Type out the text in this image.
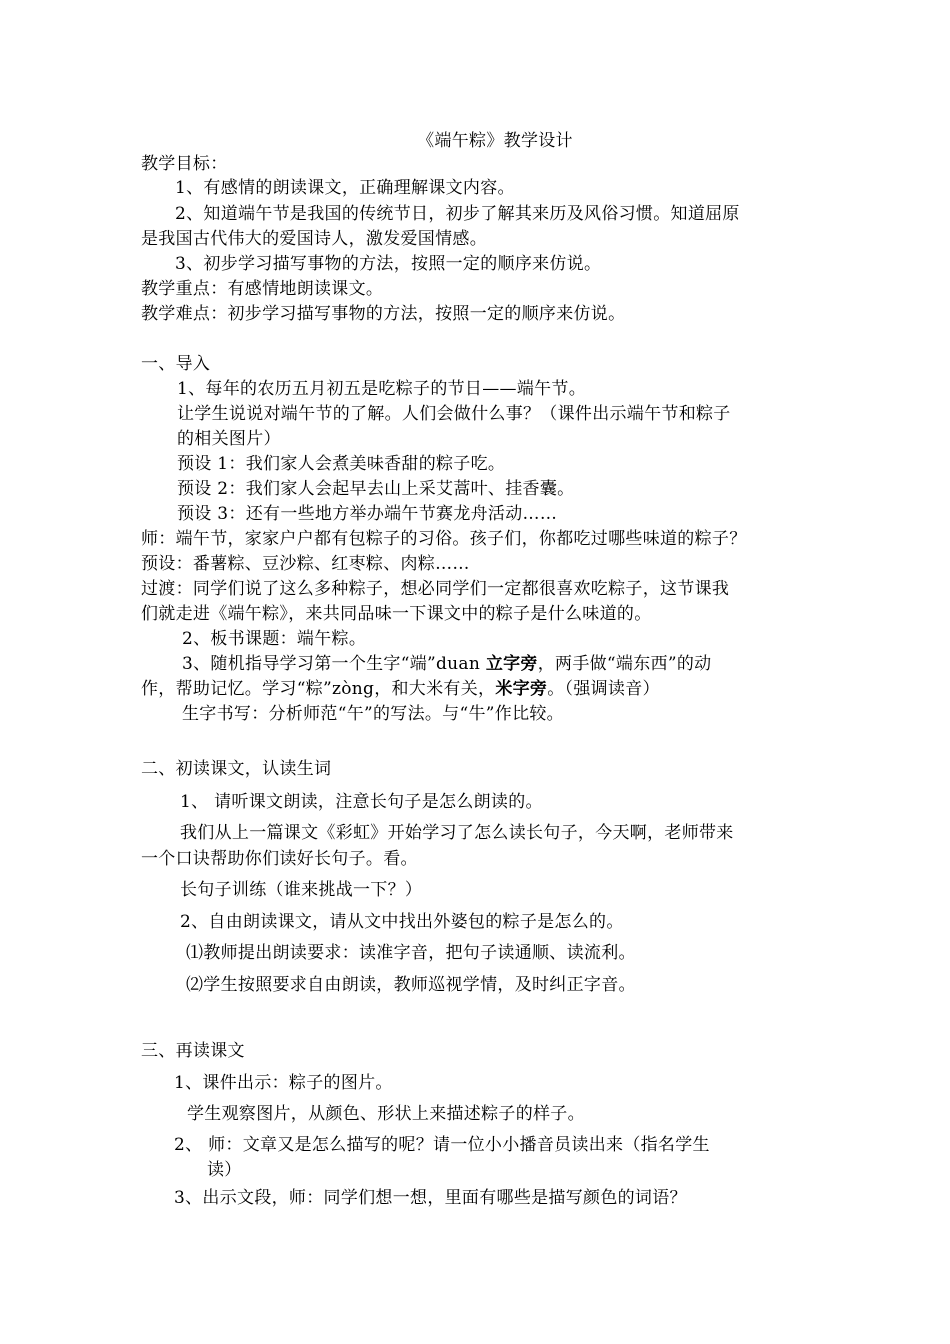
《端午粽》教学设计
教学目标：
1、有感情的朗读课文，正确理解课文内容。
2、知道端午节是我国的传统节日，初步了解其来历及风俗习惯。知道屈原
是我国古代伟大的爱国诗人，激发爱国情感。
3、初步学习描写事物的方法，按照一定的顺序来仿说。
教学重点：有感情地朗读课文。
教学难点：初步学习描写事物的方法，按照一定的顺序来仿说。
一、导入
1、每年的农历五月初五是吃粽子的节日——端午节。
让学生说说对端午节的了解。人们会做什么事？（课件出示端午节和粽子
的相关图片）
预设 1：我们家人会煮美味香甜的粽子吃。
预设 2：我们家人会起早去山上采艾蒿叶、挂香囊。
预设 3：还有一些地方举办端午节赛龙舟活动……
师：端午节，家家户户都有包粽子的习俗。孩子们，你都吃过哪些味道的粽子？
预设：番薯粽、豆沙粽、红枣粽、肉粽……
过渡：同学们说了这么多种粽子，想必同学们一定都很喜欢吃粽子，这节课我
们就走进《端午粽》，来共同品味一下课文中的粽子是什么味道的。
2、板书课题：端午粽。
3、随机指导学习第一个生字“端”duan 立字旁，两手做“端东西”的动
作，帮助记忆。学习“粽”zòng，和大米有关，米字旁。（强调读音）
生字书写：分析师范“午”的写法。与“牛”作比较。
二、初读课文，认读生词
1、 请听课文朗读，注意长句子是怎么朗读的。
我们从上一篇课文《彩虹》开始学习了怎么读长句子，今天啊，老师带来
一个口诀帮助你们读好长句子。看。
长句子训练（谁来挑战一下？）
2、自由朗读课文，请从文中找出外婆包的粽子是怎么的。
⑴教师提出朗读要求：读准字音，把句子读通顺、读流利。
⑵学生按照要求自由朗读，教师巡视学情，及时纠正字音。
三、再读课文
1、课件出示：粽子的图片。
学生观察图片，从颜色、形状上来描述粽子的样子。
2、 师：文章又是怎么描写的呢？请一位小小播音员读出来（指名学生
读）
3、出示文段，师：同学们想一想，里面有哪些是描写颜色的词语？
